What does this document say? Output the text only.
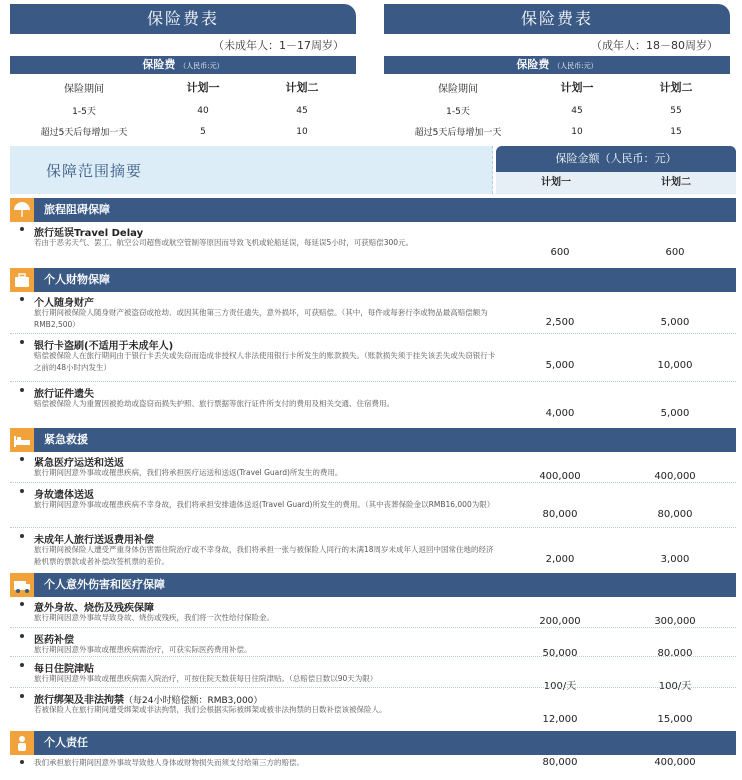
保险费表
（未成年人：1－17周岁）
保险费 （人民币:元）
保险期间	计划一	计划二
1-5天	40	45
超过5天后每增加一天	5	10
保险费表
（成年人：18－80周岁）
保险费 （人民币:元）
保险期间	计划一	计划二
1-5天	45	55
超过5天后每增加一天	10	15
保障范围摘要
保险金额（人民币：元）
计划一	计划二
旅程阻碍保障
旅行延误Travel Delay
若由于恶劣天气、罢工、航空公司超售或航空管制等原因而导致飞机或轮船延误，每延误5小时，可获赔偿300元。
600	600
个人财物保障
个人随身财产
旅行期间被保险人随身财产被盗窃或抢劫、或因其他第三方责任遗失，意外损坏，可获赔偿。（其中，每件或每套行李或物品最高赔偿额为RMB2,500）	2,500	5,000
银行卡盗刷(不适用于未成年人)
赔偿被保险人在旅行期间由于银行卡丢失或失窃而造成非授权人非法使用银行卡所发生的账款损失。（账款损失须于挂失该丢失或失窃银行卡之前的48小时内发生）	5,000	10,000
旅行证件遗失
赔偿被保险人为重置因被抢劫或盗窃而损失护照、旅行票据等旅行证件所支付的费用及相关交通、住宿费用。
4,000	5,000
紧急救援
紧急医疗运送和送返
旅行期间因意外事故或罹患疾病，我们将承担医疗运送和送返(Travel Guard)所发生的费用。	400,000	400,000
身故遗体送返
旅行期间因意外事故或罹患疾病不幸身故，我们将承担安排遗体送返(Travel Guard)所发生的费用。（其中丧葬保险金以RMB16,000为限）
80,000	80,000
未成年人旅行送返费用补偿
旅行期间被保险人遭受严重身体伤害需住院治疗或不幸身故，我们将承担一张与被保险人同行的未满18周岁未成年人返回中国常住地的经济舱机票的票款或者补偿改签机票的差价。	2,000	3,000
个人意外伤害和医疗保障
意外身故、烧伤及残疾保障
旅行期间因意外事故导致身故、烧伤或残疾，我们将一次性给付保险金。	200,000	300,000
医药补偿
旅行期间因意外事故或罹患疾病需治疗，可获实际医药费用补偿。	50,000	80,000
每日住院津贴
旅行期间因意外事故或罹患疾病需入院治疗，可按住院天数获每日住院津贴。（总赔偿日数以90天为限）
100/天	100/天
旅行绑架及非法拘禁（每24小时赔偿额：RMB3,000）
若被保险人在旅行期间遭受绑架或非法拘禁，我们会根据实际被绑架或被非法拘禁的日数补偿该被保险人。
12,000	15,000
个人责任
我们承担旅行期间因意外事故导致他人身体或财物损失而须支付给第三方的赔偿。	80,000	400,000
